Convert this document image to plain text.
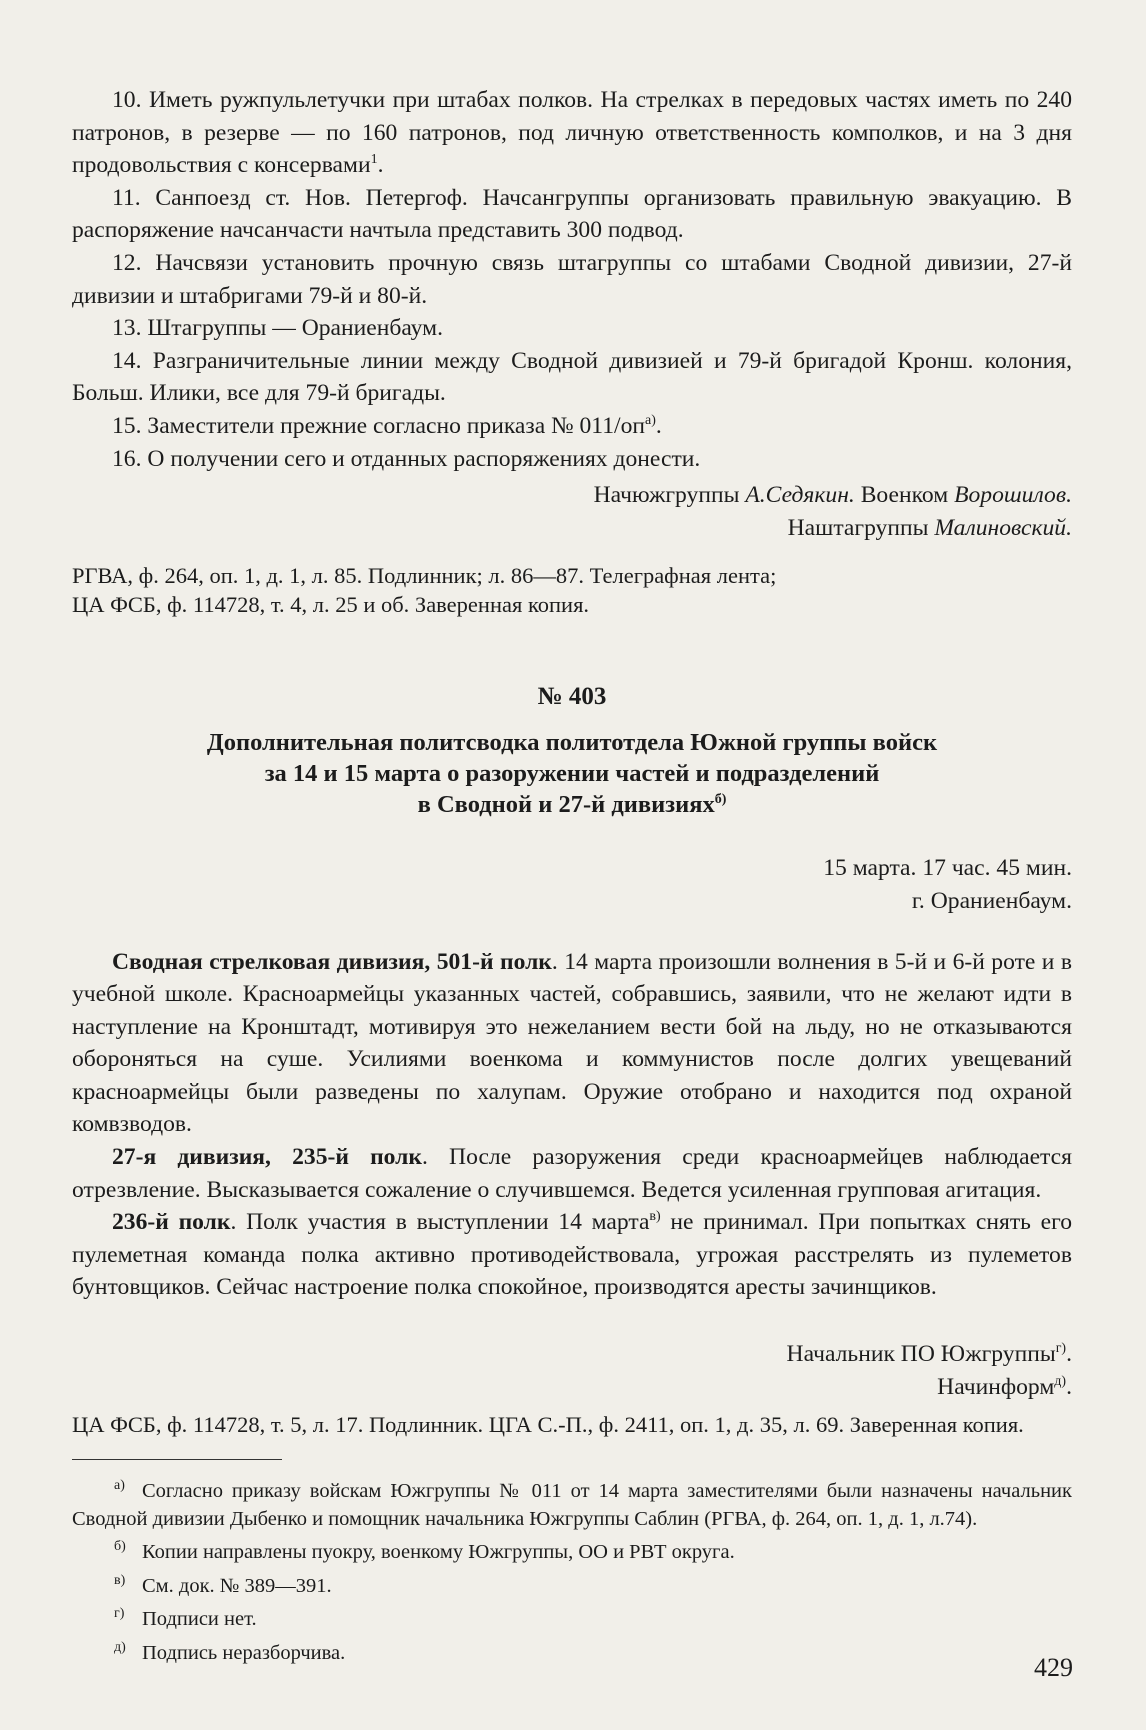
10. Иметь ружпульлетучки при штабах полков. На стрелках в передовых частях иметь по 240 патронов, в резерве — по 160 патронов, под личную ответственность комполков, и на 3 дня продовольствия с консервами$^1$.

11. Санпоезд ст. Нов. Петергоф. Начсангруппы организовать правильную эвакуацию. В распоряжение начсанчасти начтыла представить 300 подвод.

12. Начсвязи установить прочную связь штагруппы со штабами Сводной дивизии, 27-й дивизии и штабригами 79-й и 80-й.

13. Штагруппы — Ораниенбаум.

14. Разграничительные линии между Сводной дивизией и 79-й бригадой Кронш. колония, Больш. Илики, все для 79-й бригады.

15. Заместители прежние согласно приказа № $011/оп^{а)}$.

16. О получении сего и отданных распоряжениях донести.

Начюжгруппы А.Седякин. Военком Ворошилов.

Наштагруппы Малиновский.

РГВА, ф. 264, оп. 1, д. 1, л. 85. Подлинник; л. 86—87. Телеграфная лента;

ЦА ФСБ, ф. 114728, т. 4, л. 25 и об. Заверенная копия.

№ 403

Дополнительная политсводка политотдела Южной группы войск

за 14 и 15 марта о разоружении частей и подразделений

в Сводной и 27-й дивизиях$^{б)}$

15 марта. 17 час. 45 мин.

г. Ораниенбаум.

Сводная стрелковая дивизия, 501-й полк. 14 марта произошли волнения в 5-й и 6-й роте и в учебной школе. Красноармейцы указанных частей, собравшись, заявили, что не желают идти в наступление на Кронштадт, мотивируя это нежеланием вести бой на льду, но не отказываются обороняться на суше. Усилиями военкома и коммунистов после долгих увещеваний красноармейцы были разведены по халупам. Оружие отобрано и находится под охраной комвзводов.

27-я дивизия, 235-й полк. После разоружения среди красноармейцев наблюдается отрезвление. Высказывается сожаление о случившемся. Ведется усиленная групповая агитация.

236-й полк. Полк участия в выступлении 14 марта$^{в)}$ не принимал. При попытках снять его пулеметная команда полка активно противодействовала, угрожая расстрелять из пулеметов бунтовщиков. Сейчас настроение полка спокойное, производятся аресты зачинщиков.

Начальник ПО Южгруппы$^{г)}$.

Начинформ$^{д)}$.

ЦА ФСБ, ф. 114728, т. 5, л. 17. Подлинник. ЦГА С.-П., ф. 2411, оп. 1, д. 35, л. 69. Заверенная копия.

а) Согласно приказу войскам Южгруппы № 011 от 14 марта заместителями были назначены начальник Сводной дивизии Дыбенко и помощник начальника Южгруппы Саблин (РГВА, ф. 264, оп. 1, д. 1, л.74).

б) Копии направлены пуокру, военкому Южгруппы, ОО и РВТ округа.

в) См. док. № 389—391.

г) Подписи нет.

д) Подпись неразборчива.

429
